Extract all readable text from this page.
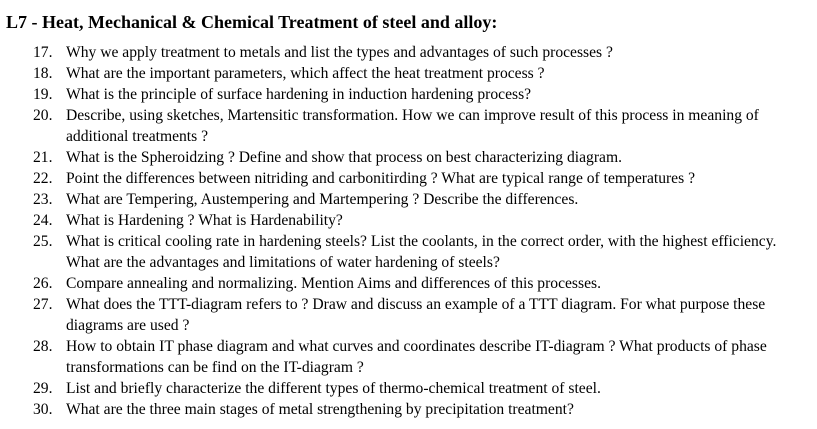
L7 - Heat, Mechanical & Chemical Treatment of steel and alloy:
17. Why we apply treatment to metals and list the types and advantages of such processes ?
18. What are the important parameters, which affect the heat treatment process ?
19. What is the principle of surface hardening in induction hardening process?
20. Describe, using sketches, Martensitic transformation. How we can improve result of this process in meaning of additional treatments ?
21. What is the Spheroidzing ? Define and show that process on best characterizing diagram.
22. Point the differences between nitriding and carbonitirding ? What are typical range of temperatures ?
23. What are Tempering, Austempering and Martempering ? Describe the differences.
24. What is Hardening ? What is Hardenability?
25. What is critical cooling rate in hardening steels? List the coolants, in the correct order, with the highest efficiency. What are the advantages and limitations of water hardening of steels?
26. Compare annealing and normalizing. Mention Aims and differences of this processes.
27. What does the TTT-diagram refers to ? Draw and discuss an example of a TTT diagram. For what purpose these diagrams are used ?
28. How to obtain IT phase diagram and what curves and coordinates describe IT-diagram ? What products of phase transformations can be find on the IT-diagram ?
29. List and briefly characterize the different types of thermo-chemical treatment of steel.
30. What are the three main stages of metal strengthening by precipitation treatment?
